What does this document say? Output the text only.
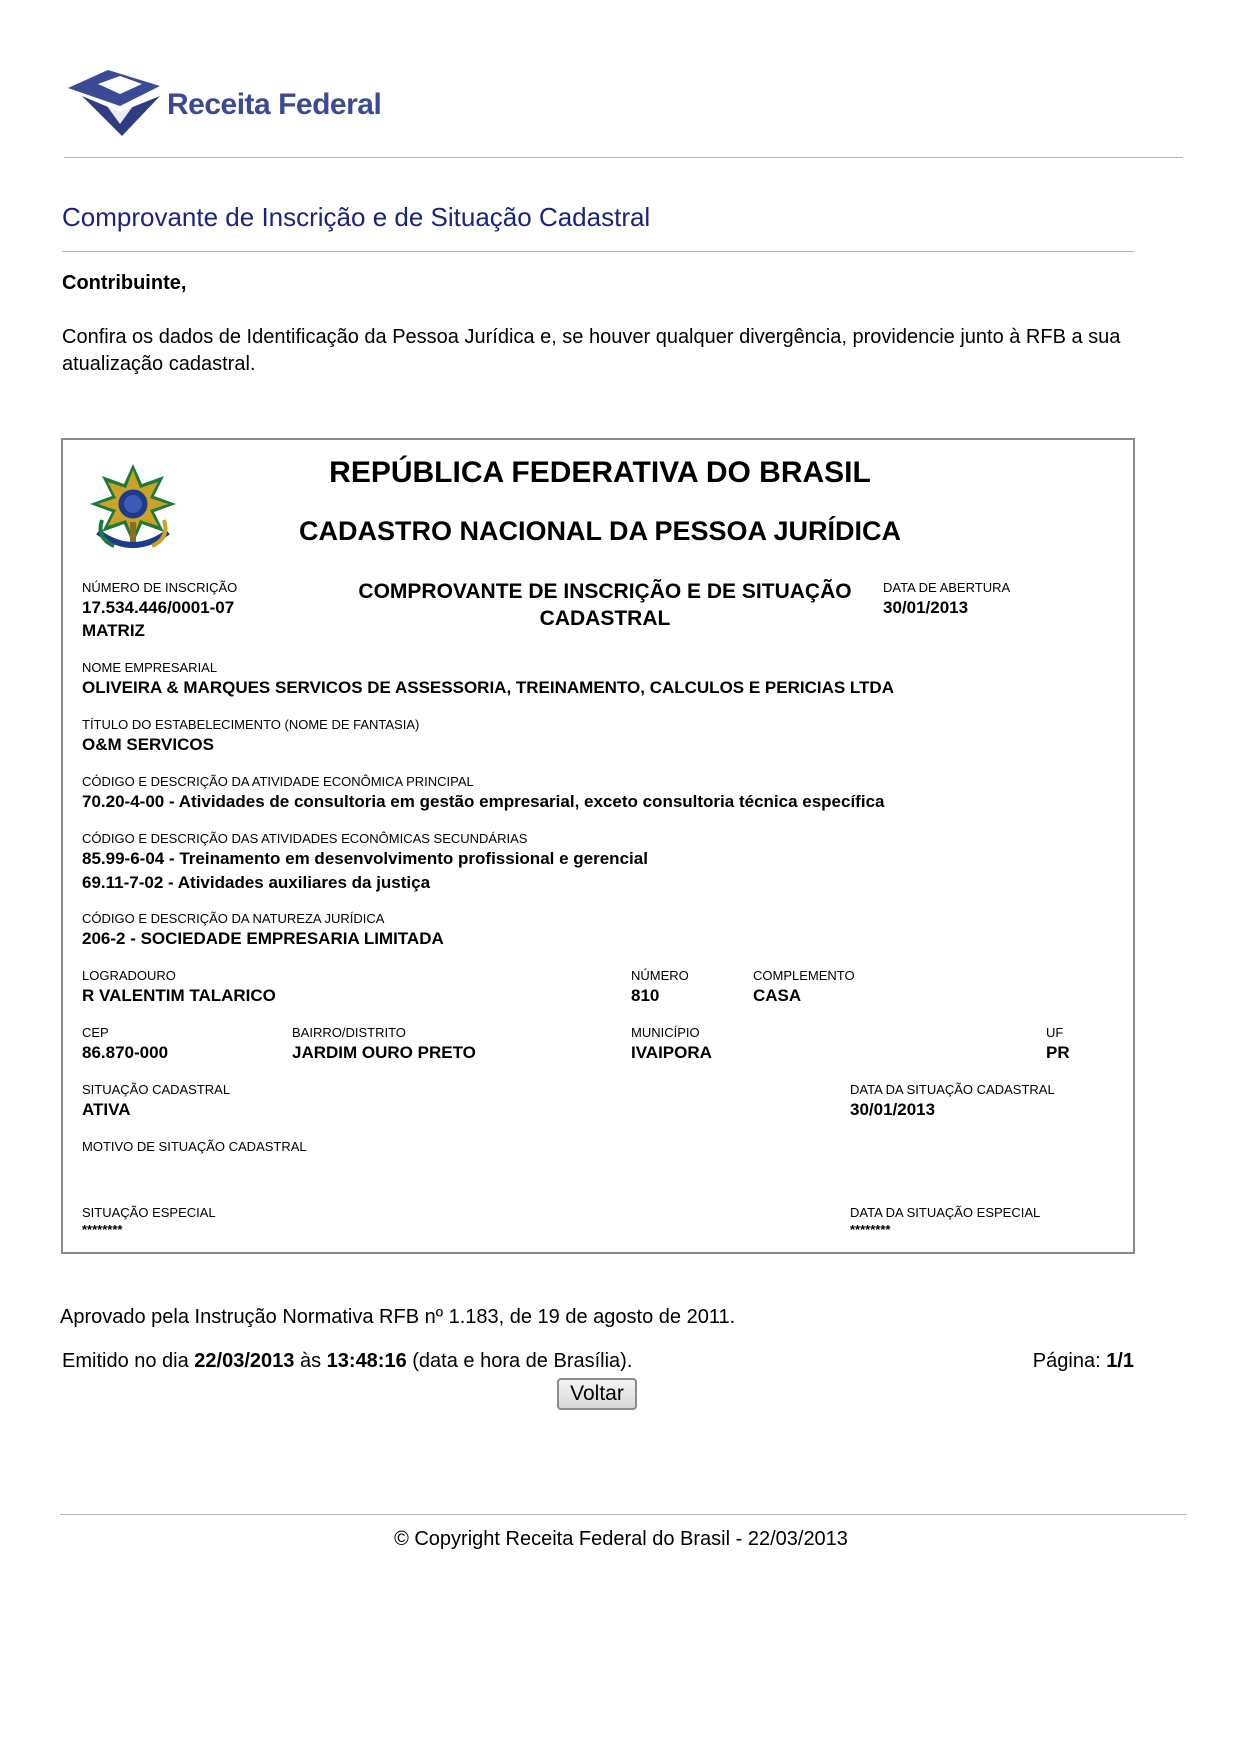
Receita Federal
Comprovante de Inscrição e de Situação Cadastral
Contribuinte,
Confira os dados de Identificação da Pessoa Jurídica e, se houver qualquer divergência, providencie junto à RFB a sua atualização cadastral.
REPÚBLICA FEDERATIVA DO BRASIL
CADASTRO NACIONAL DA PESSOA JURÍDICA
COMPROVANTE DE INSCRIÇÃO E DE SITUAÇÃO CADASTRAL
NÚMERO DE INSCRIÇÃO
17.534.446/0001-07
MATRIZ
DATA DE ABERTURA
30/01/2013
NOME EMPRESARIAL
OLIVEIRA & MARQUES SERVICOS DE ASSESSORIA, TREINAMENTO, CALCULOS E PERICIAS LTDA
TÍTULO DO ESTABELECIMENTO (NOME DE FANTASIA)
O&M SERVICOS
CÓDIGO E DESCRIÇÃO DA ATIVIDADE ECONÔMICA PRINCIPAL
70.20-4-00 - Atividades de consultoria em gestão empresarial, exceto consultoria técnica específica
CÓDIGO E DESCRIÇÃO DAS ATIVIDADES ECONÔMICAS SECUNDÁRIAS
85.99-6-04 - Treinamento em desenvolvimento profissional e gerencial
69.11-7-02 - Atividades auxiliares da justiça
CÓDIGO E DESCRIÇÃO DA NATUREZA JURÍDICA
206-2 - SOCIEDADE EMPRESARIA LIMITADA
LOGRADOURO
R VALENTIM TALARICO
NÚMERO
810
COMPLEMENTO
CASA
CEP
86.870-000
BAIRRO/DISTRITO
JARDIM OURO PRETO
MUNICÍPIO
IVAIPORA
UF
PR
SITUAÇÃO CADASTRAL
ATIVA
DATA DA SITUAÇÃO CADASTRAL
30/01/2013
MOTIVO DE SITUAÇÃO CADASTRAL
SITUAÇÃO ESPECIAL
********
DATA DA SITUAÇÃO ESPECIAL
********
Aprovado pela Instrução Normativa RFB nº 1.183, de 19 de agosto de 2011.
Emitido no dia 22/03/2013 às 13:48:16 (data e hora de Brasília).	Página: 1/1
Voltar
© Copyright Receita Federal do Brasil - 22/03/2013
